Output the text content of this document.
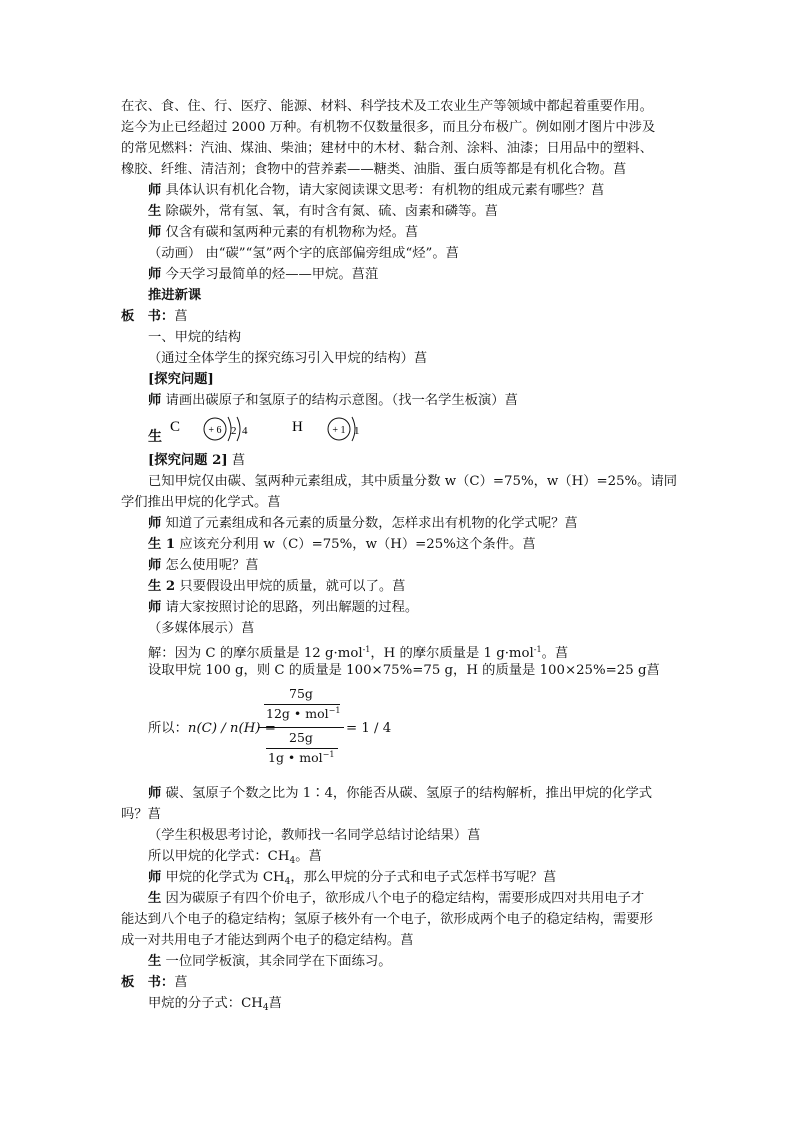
在衣、食、住、行、医疗、能源、材料、科学技术及工农业生产等领域中都起着重要作用。
迄今为止已经超过 2000 万种。有机物不仅数量很多，而且分布极广。例如刚才图片中涉及
的常见燃料：汽油、煤油、柴油；建材中的木材、黏合剂、涂料、油漆；日用品中的塑料、
橡胶、纤维、清洁剂；食物中的营养素——糖类、油脂、蛋白质等都是有机化合物。菖
师 具体认识有机化合物，请大家阅读课文思考：有机物的组成元素有哪些？菖
生 除碳外，常有氢、氧，有时含有氮、硫、卤素和磷等。菖
师 仅含有碳和氢两种元素的有机物称为烃。菖
（动画） 由“碳”“氢”两个字的底部偏旁组成“烃”。菖
师 今天学习最简单的烃——甲烷。菖菹
推进新课
板　书：菖
一、甲烷的结构
（通过全体学生的探究练习引入甲烷的结构）菖
[探究问题]
师 请画出碳原子和氢原子的结构示意图。（找一名学生板演）菖
生
C	+ 6 2 4	H	+ 1 1
[探究问题 2] 菖
已知甲烷仅由碳、氢两种元素组成，其中质量分数 w（C）=75%，w（H）=25%。请同
学们推出甲烷的化学式。菖
师 知道了元素组成和各元素的质量分数，怎样求出有机物的化学式呢？菖
生 1 应该充分利用 w（C）=75%，w（H）=25%这个条件。菖
师 怎么使用呢？菖
生 2 只要假设出甲烷的质量，就可以了。菖
师 请大家按照讨论的思路，列出解题的过程。
（多媒体展示）菖
解：因为 C 的摩尔质量是 12 g·mol$^{-1}$，H 的摩尔质量是 1 g·mol$^{-1}$。菖
设取甲烷 100 g，则 C 的质量是 100×75%=75 g，H 的质量是 100×25%=25 g菖
所以：n(C) / n(H) =
75g
12g • mol$^{-1}$
25g
1g • mol$^{-1}$
= 1 / 4
师 碳、氢原子个数之比为 1∶4，你能否从碳、氢原子的结构解析，推出甲烷的化学式
吗？菖
（学生积极思考讨论，教师找一名同学总结讨论结果）菖
所以甲烷的化学式：$CH_4$。菖
师 甲烷的化学式为 $CH_4$，那么甲烷的分子式和电子式怎样书写呢？菖
生 因为碳原子有四个价电子，欲形成八个电子的稳定结构，需要形成四对共用电子才
能达到八个电子的稳定结构；氢原子核外有一个电子，欲形成两个电子的稳定结构，需要形
成一对共用电子才能达到两个电子的稳定结构。菖
生 一位同学板演，其余同学在下面练习。
板　书：菖
甲烷的分子式：$CH_4$菖
